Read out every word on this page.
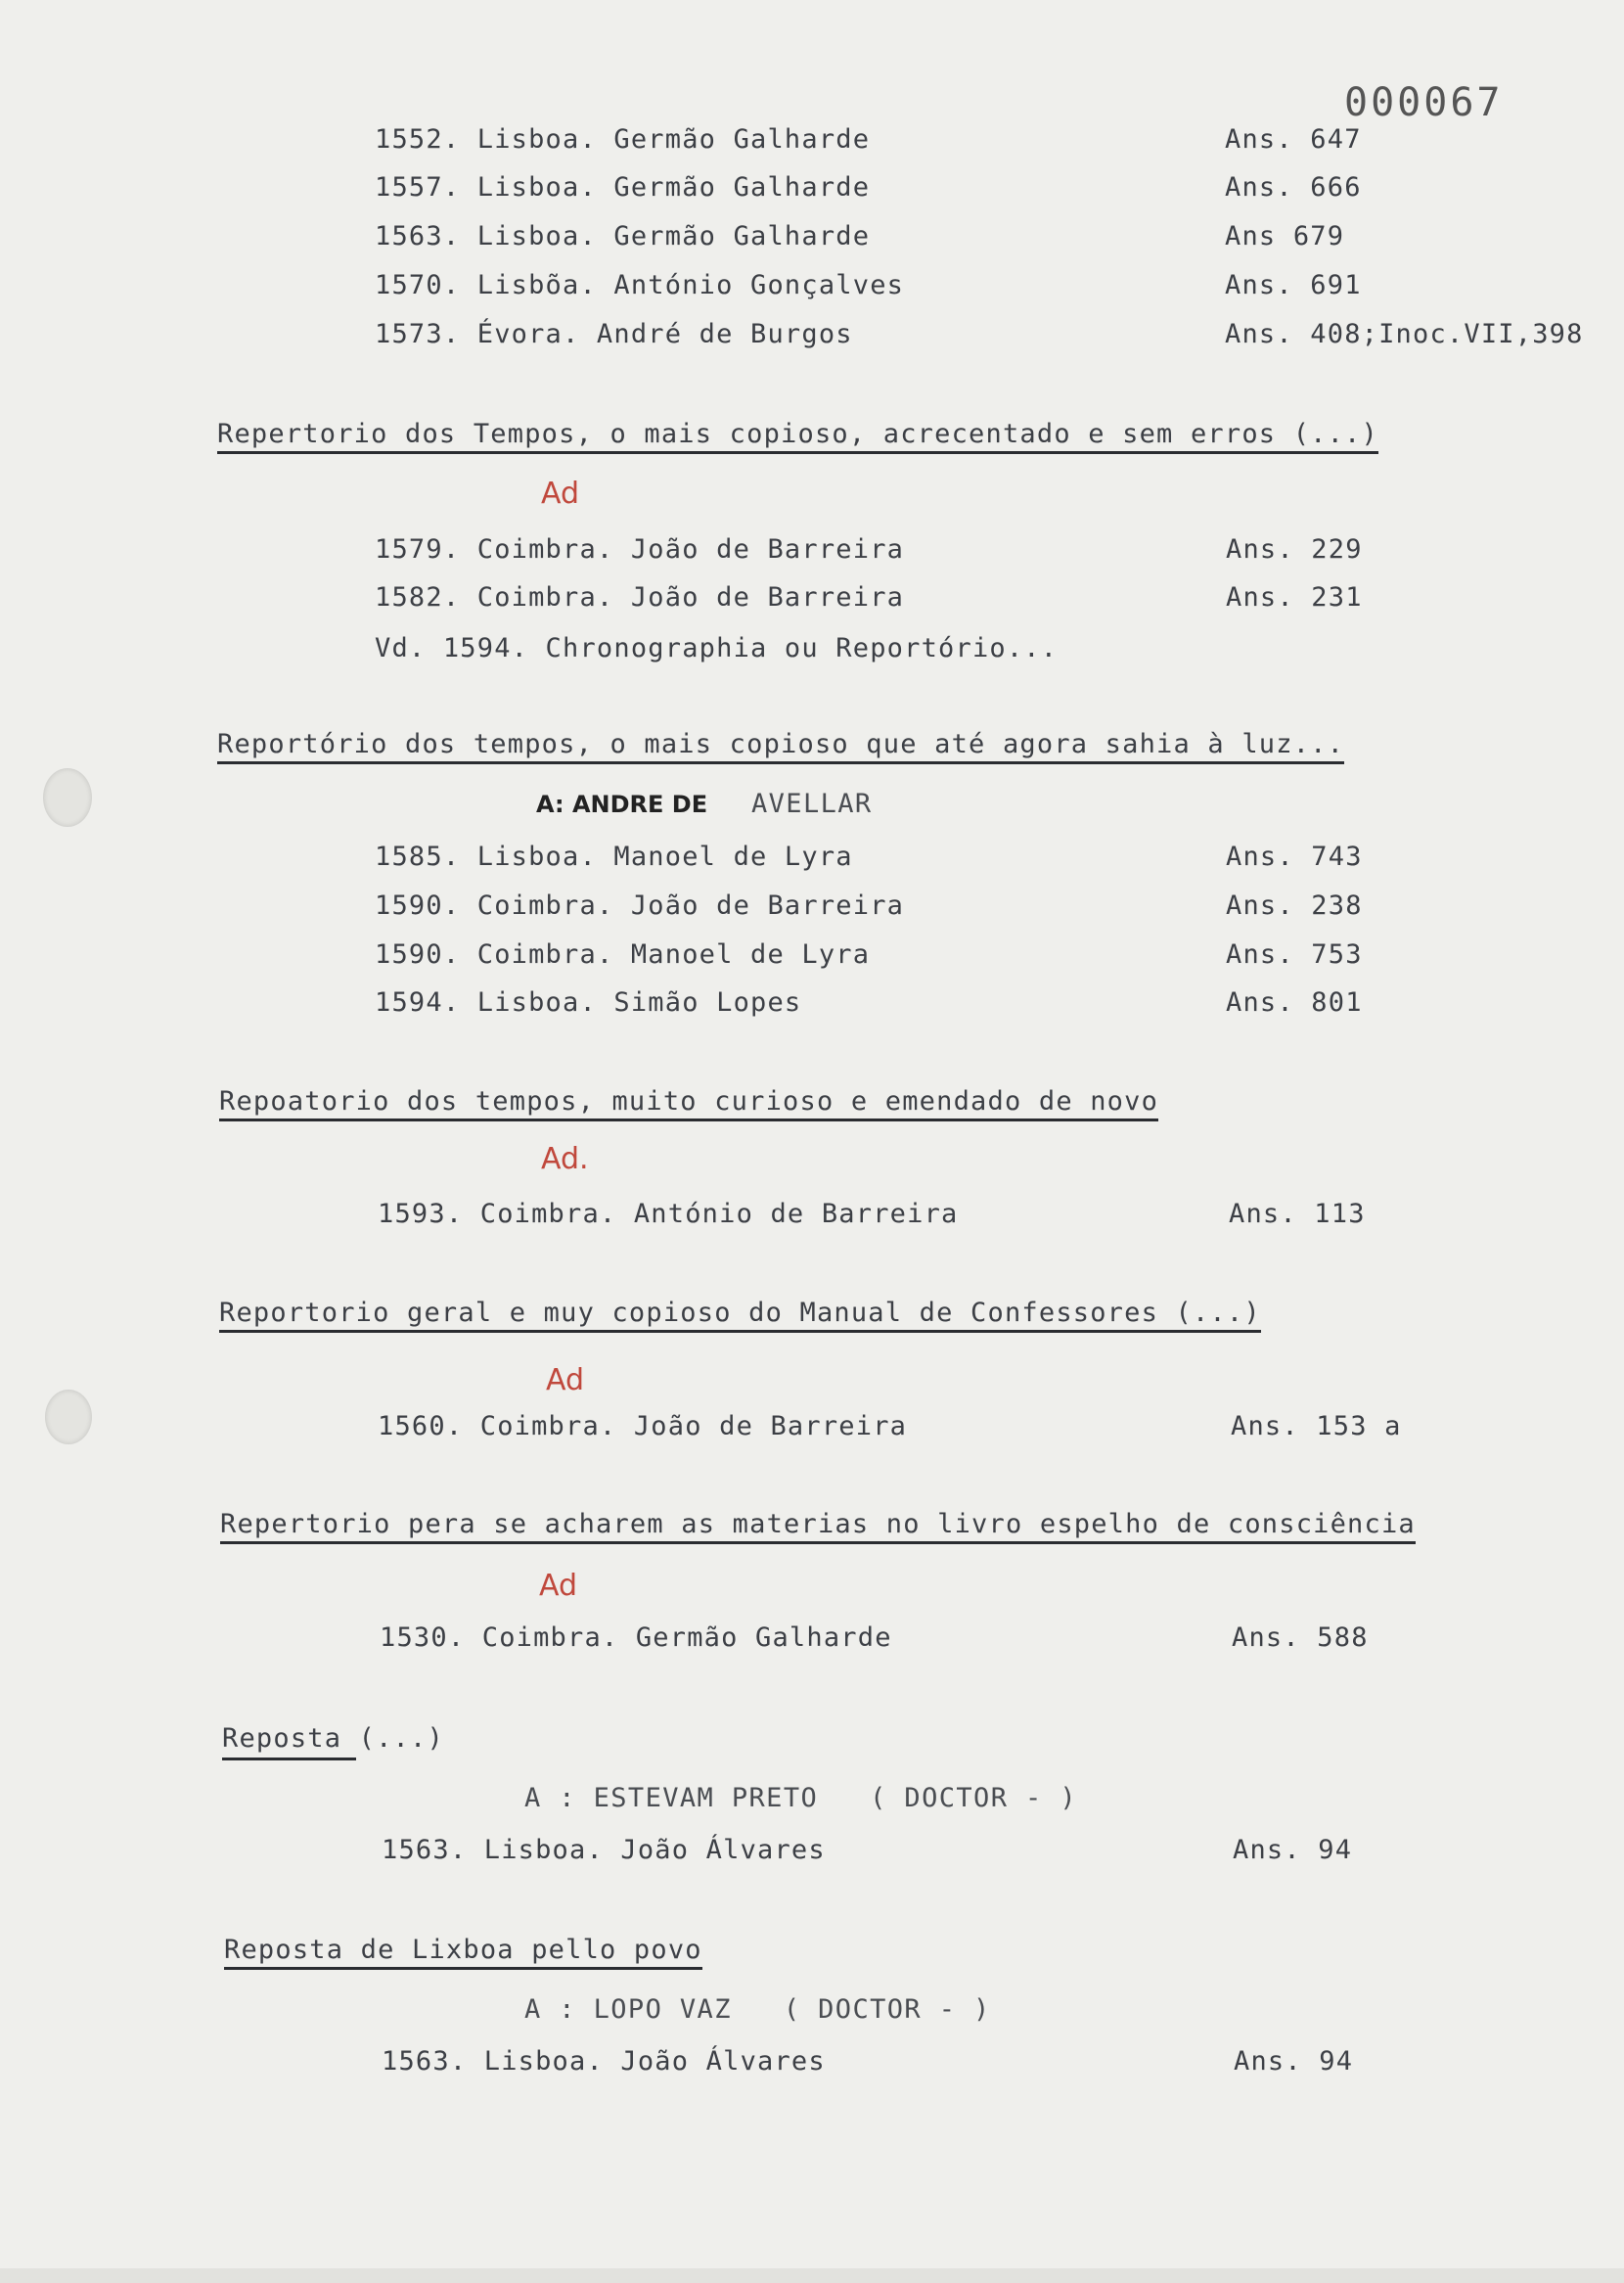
000067
1552. Lisboa. Germão Galharde	Ans. 647
1557. Lisboa. Germão Galharde	Ans. 666
1563. Lisboa. Germão Galharde	Ans 679
1570. Lisbõa. António Gonçalves	Ans. 691
1573. Évora. André de Burgos	Ans. 408;Inoc.VII,398
Repertorio dos Tempos, o mais copioso, acrecentado e sem erros (...)
Ad
1579. Coimbra. João de Barreira	Ans. 229
1582. Coimbra. João de Barreira	Ans. 231
Vd. 1594. Chronographia ou Reportório...
Reportório dos tempos, o mais copioso que até agora sahia à luz...
A: ANDRE DE AVELLAR
1585. Lisboa. Manoel de Lyra	Ans. 743
1590. Coimbra. João de Barreira	Ans. 238
1590. Coimbra. Manoel de Lyra	Ans. 753
1594. Lisboa. Simão Lopes	Ans. 801
Repoatorio dos tempos, muito curioso e emendado de novo
Ad.
1593. Coimbra. António de Barreira	Ans. 113
Reportorio geral e muy copioso do Manual de Confessores (...)
Ad
1560. Coimbra. João de Barreira	Ans. 153 a
Repertorio pera se acharem as materias no livro espelho de consciência
Ad
1530. Coimbra. Germão Galharde	Ans. 588
Reposta (...)
A : ESTEVAM PRETO   ( DOCTOR - )
1563. Lisboa. João Álvares	Ans. 94
Reposta de Lixboa pello povo
A : LOPO VAZ   ( DOCTOR - )
1563. Lisboa. João Álvares	Ans. 94
